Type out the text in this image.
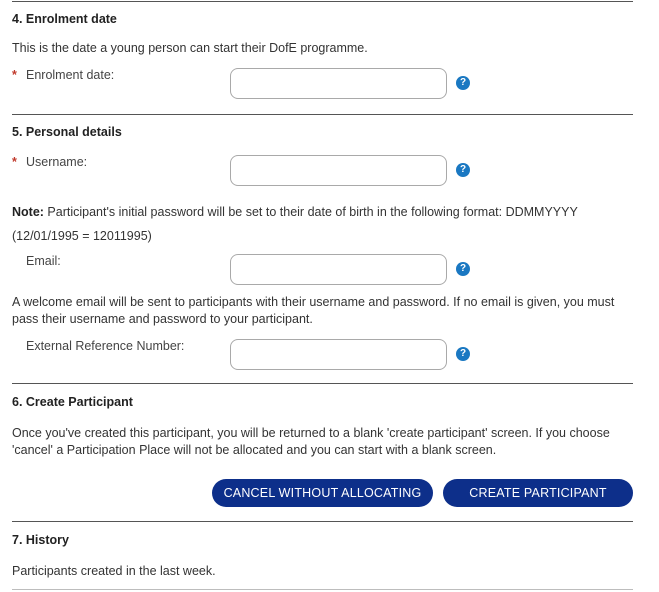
4. Enrolment date
This is the date a young person can start their DofE programme.
* Enrolment date:
?
5. Personal details
* Username:
?
Note: Participant's initial password will be set to their date of birth in the following format: DDMMYYYY (12/01/1995 = 12011995)
Email:
?
A welcome email will be sent to participants with their username and password. If no email is given, you must pass their username and password to your participant.
External Reference Number:
?
6. Create Participant
Once you've created this participant, you will be returned to a blank 'create participant' screen. If you choose 'cancel' a Participation Place will not be allocated and you can start with a blank screen.
CANCEL WITHOUT ALLOCATING	CREATE PARTICIPANT
7. History
Participants created in the last week.
